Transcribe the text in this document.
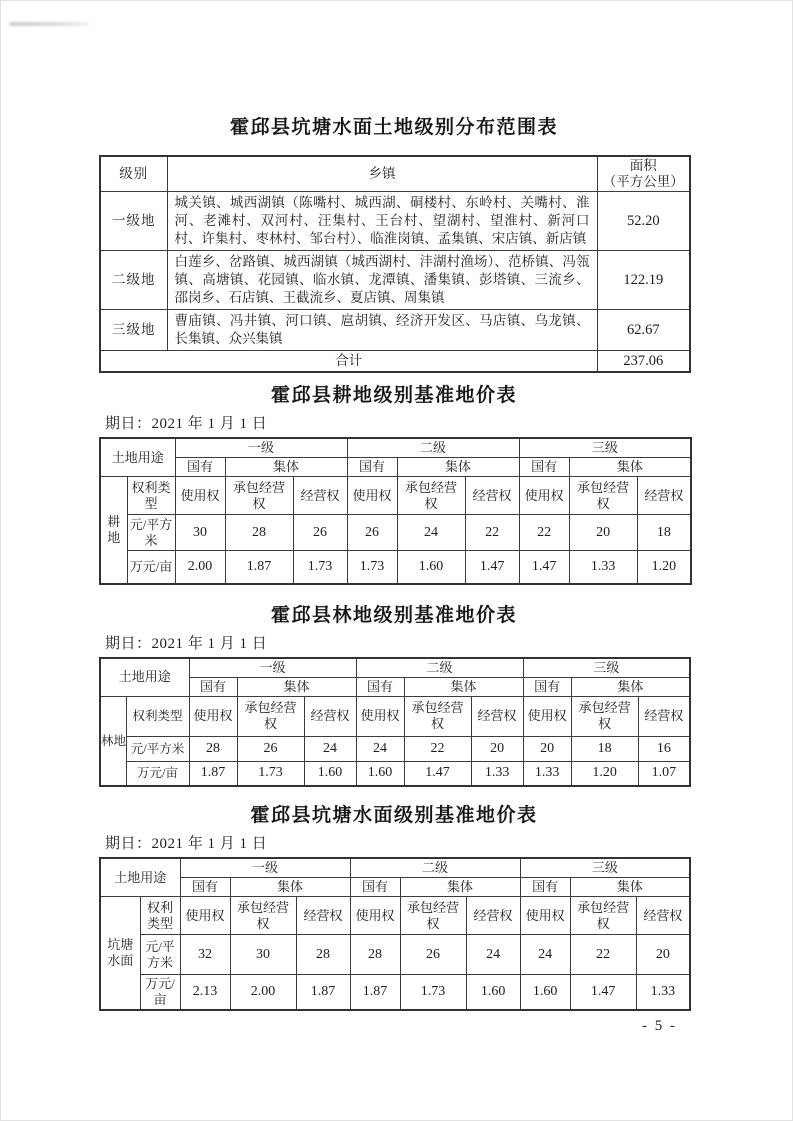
霍邱县坑塘水面土地级别分布范围表
级别	乡镇	面积
（平方公里）

一级地	城关镇、城西湖镇（陈嘴村、城西湖、硐楼村、东岭村、关嘴村、淮河、老滩村、双河村、汪集村、王台村、望湖村、望淮村、新河口村、许集村、枣林村、邹台村）、临淮岗镇、孟集镇、宋店镇、新店镇	52.20
二级地	白莲乡、岔路镇、城西湖镇（城西湖村、沣湖村渔场）、范桥镇、冯瓴镇、高塘镇、花园镇、临水镇、龙潭镇、潘集镇、彭塔镇、三流乡、邵岗乡、石店镇、王截流乡、夏店镇、周集镇	122.19
三级地	曹庙镇、冯井镇、河口镇、扈胡镇、经济开发区、马店镇、乌龙镇、长集镇、众兴集镇	62.67
合计		237.06
霍邱县耕地级别基准地价表
期日：2021 年 1 月 1 日
土地用途		一级			二级			三级		
		国有	集体		国有	集体		国有	集体	
耕地	权利类型	使用权	承包经营权	经营权	使用权	承包经营权	经营权	使用权	承包经营权	经营权
	元/平方米	30	28	26	26	24	22	22	20	18
	万元/亩	2.00	1.87	1.73	1.73	1.60	1.47	1.47	1.33	1.20
霍邱县林地级别基准地价表
期日：2021 年 1 月 1 日
土地用途		一级			二级			三级		
		国有	集体		国有	集体		国有	集体	
林地	权利类型	使用权	承包经营权	经营权	使用权	承包经营权	经营权	使用权	承包经营权	经营权
	元/平方米	28	26	24	24	22	20	20	18	16
	万元/亩	1.87	1.73	1.60	1.60	1.47	1.33	1.33	1.20	1.07
霍邱县坑塘水面级别基准地价表
期日：2021 年 1 月 1 日
土地用途		一级			二级			三级		
		国有	集体		国有	集体		国有	集体	
坑塘水面	权利类型	使用权	承包经营权	经营权	使用权	承包经营权	经营权	使用权	承包经营权	经营权
	元/平方米	32	30	28	28	26	24	24	22	20
	万元/亩	2.13	2.00	1.87	1.87	1.73	1.60	1.60	1.47	1.33
- 5 -
